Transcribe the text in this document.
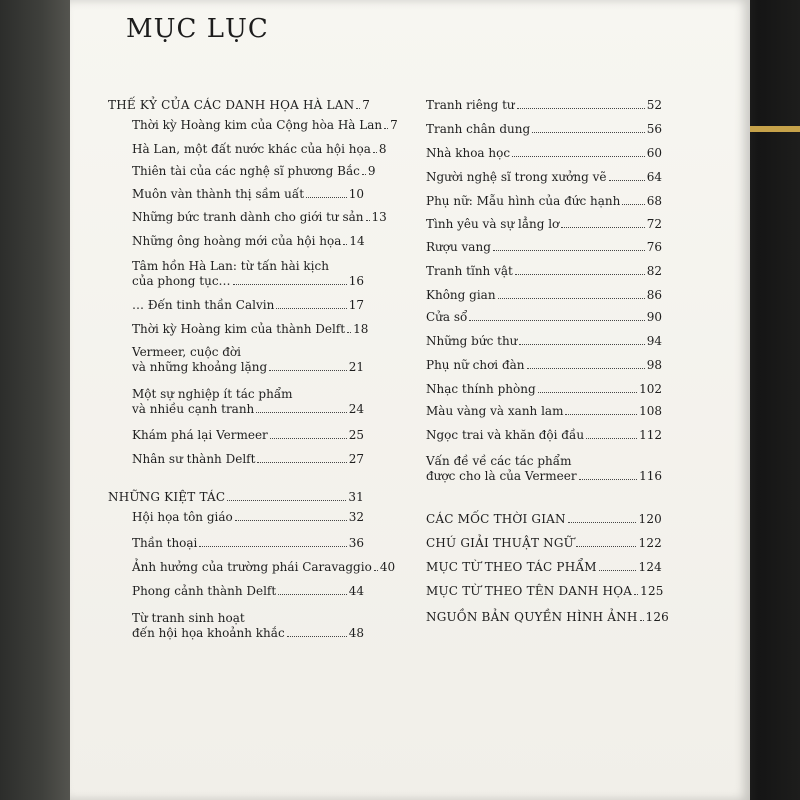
MỤC LỤC
THẾ KỶ CỦA CÁC DANH HỌA HÀ LAN 7
Thời kỳ Hoàng kim của Cộng hòa Hà Lan 7
Hà Lan, một đất nước khác của hội họa 8
Thiên tài của các nghệ sĩ phương Bắc 9
Muôn vàn thành thị sầm uất	10
Những bức tranh dành cho giới tư sản 13
Những ông hoàng mới của hội họa 14
Tâm hồn Hà Lan: từ tấn hài kịch
của phong tục…	16
… Đến tinh thần Calvin	17
Thời kỳ Hoàng kim của thành Delft 18
Vermeer, cuộc đời
và những khoảng lặng	21
Một sự nghiệp ít tác phẩm
và nhiều cạnh tranh	24
Khám phá lại Vermeer	25
Nhân sư thành Delft	27
NHỮNG KIỆT TÁC	31
Hội họa tôn giáo	32
Thần thoại	36
Ảnh hưởng của trường phái Caravaggio 40
Phong cảnh thành Delft	44
Từ tranh sinh hoạt
đến hội họa khoảnh khắc	48
Tranh riêng tư	52
Tranh chân dung	56
Nhà khoa học	60
Người nghệ sĩ trong xưởng vẽ	64
Phụ nữ: Mẫu hình của đức hạnh 68
Tình yêu và sự lẳng lơ	72
Rượu vang	76
Tranh tĩnh vật	82
Không gian	86
Cửa sổ	90
Những bức thư	94
Phụ nữ chơi đàn	98
Nhạc thính phòng	102
Màu vàng và xanh lam	108
Ngọc trai và khăn đội đầu	112
Vấn đề về các tác phẩm
được cho là của Vermeer	116
CÁC MỐC THỜI GIAN	120
CHÚ GIẢI THUẬT NGỮ	122
MỤC TỪ THEO TÁC PHẨM	124
MỤC TỪ THEO TÊN DANH HỌA 125
NGUỒN BẢN QUYỀN HÌNH ẢNH 126
